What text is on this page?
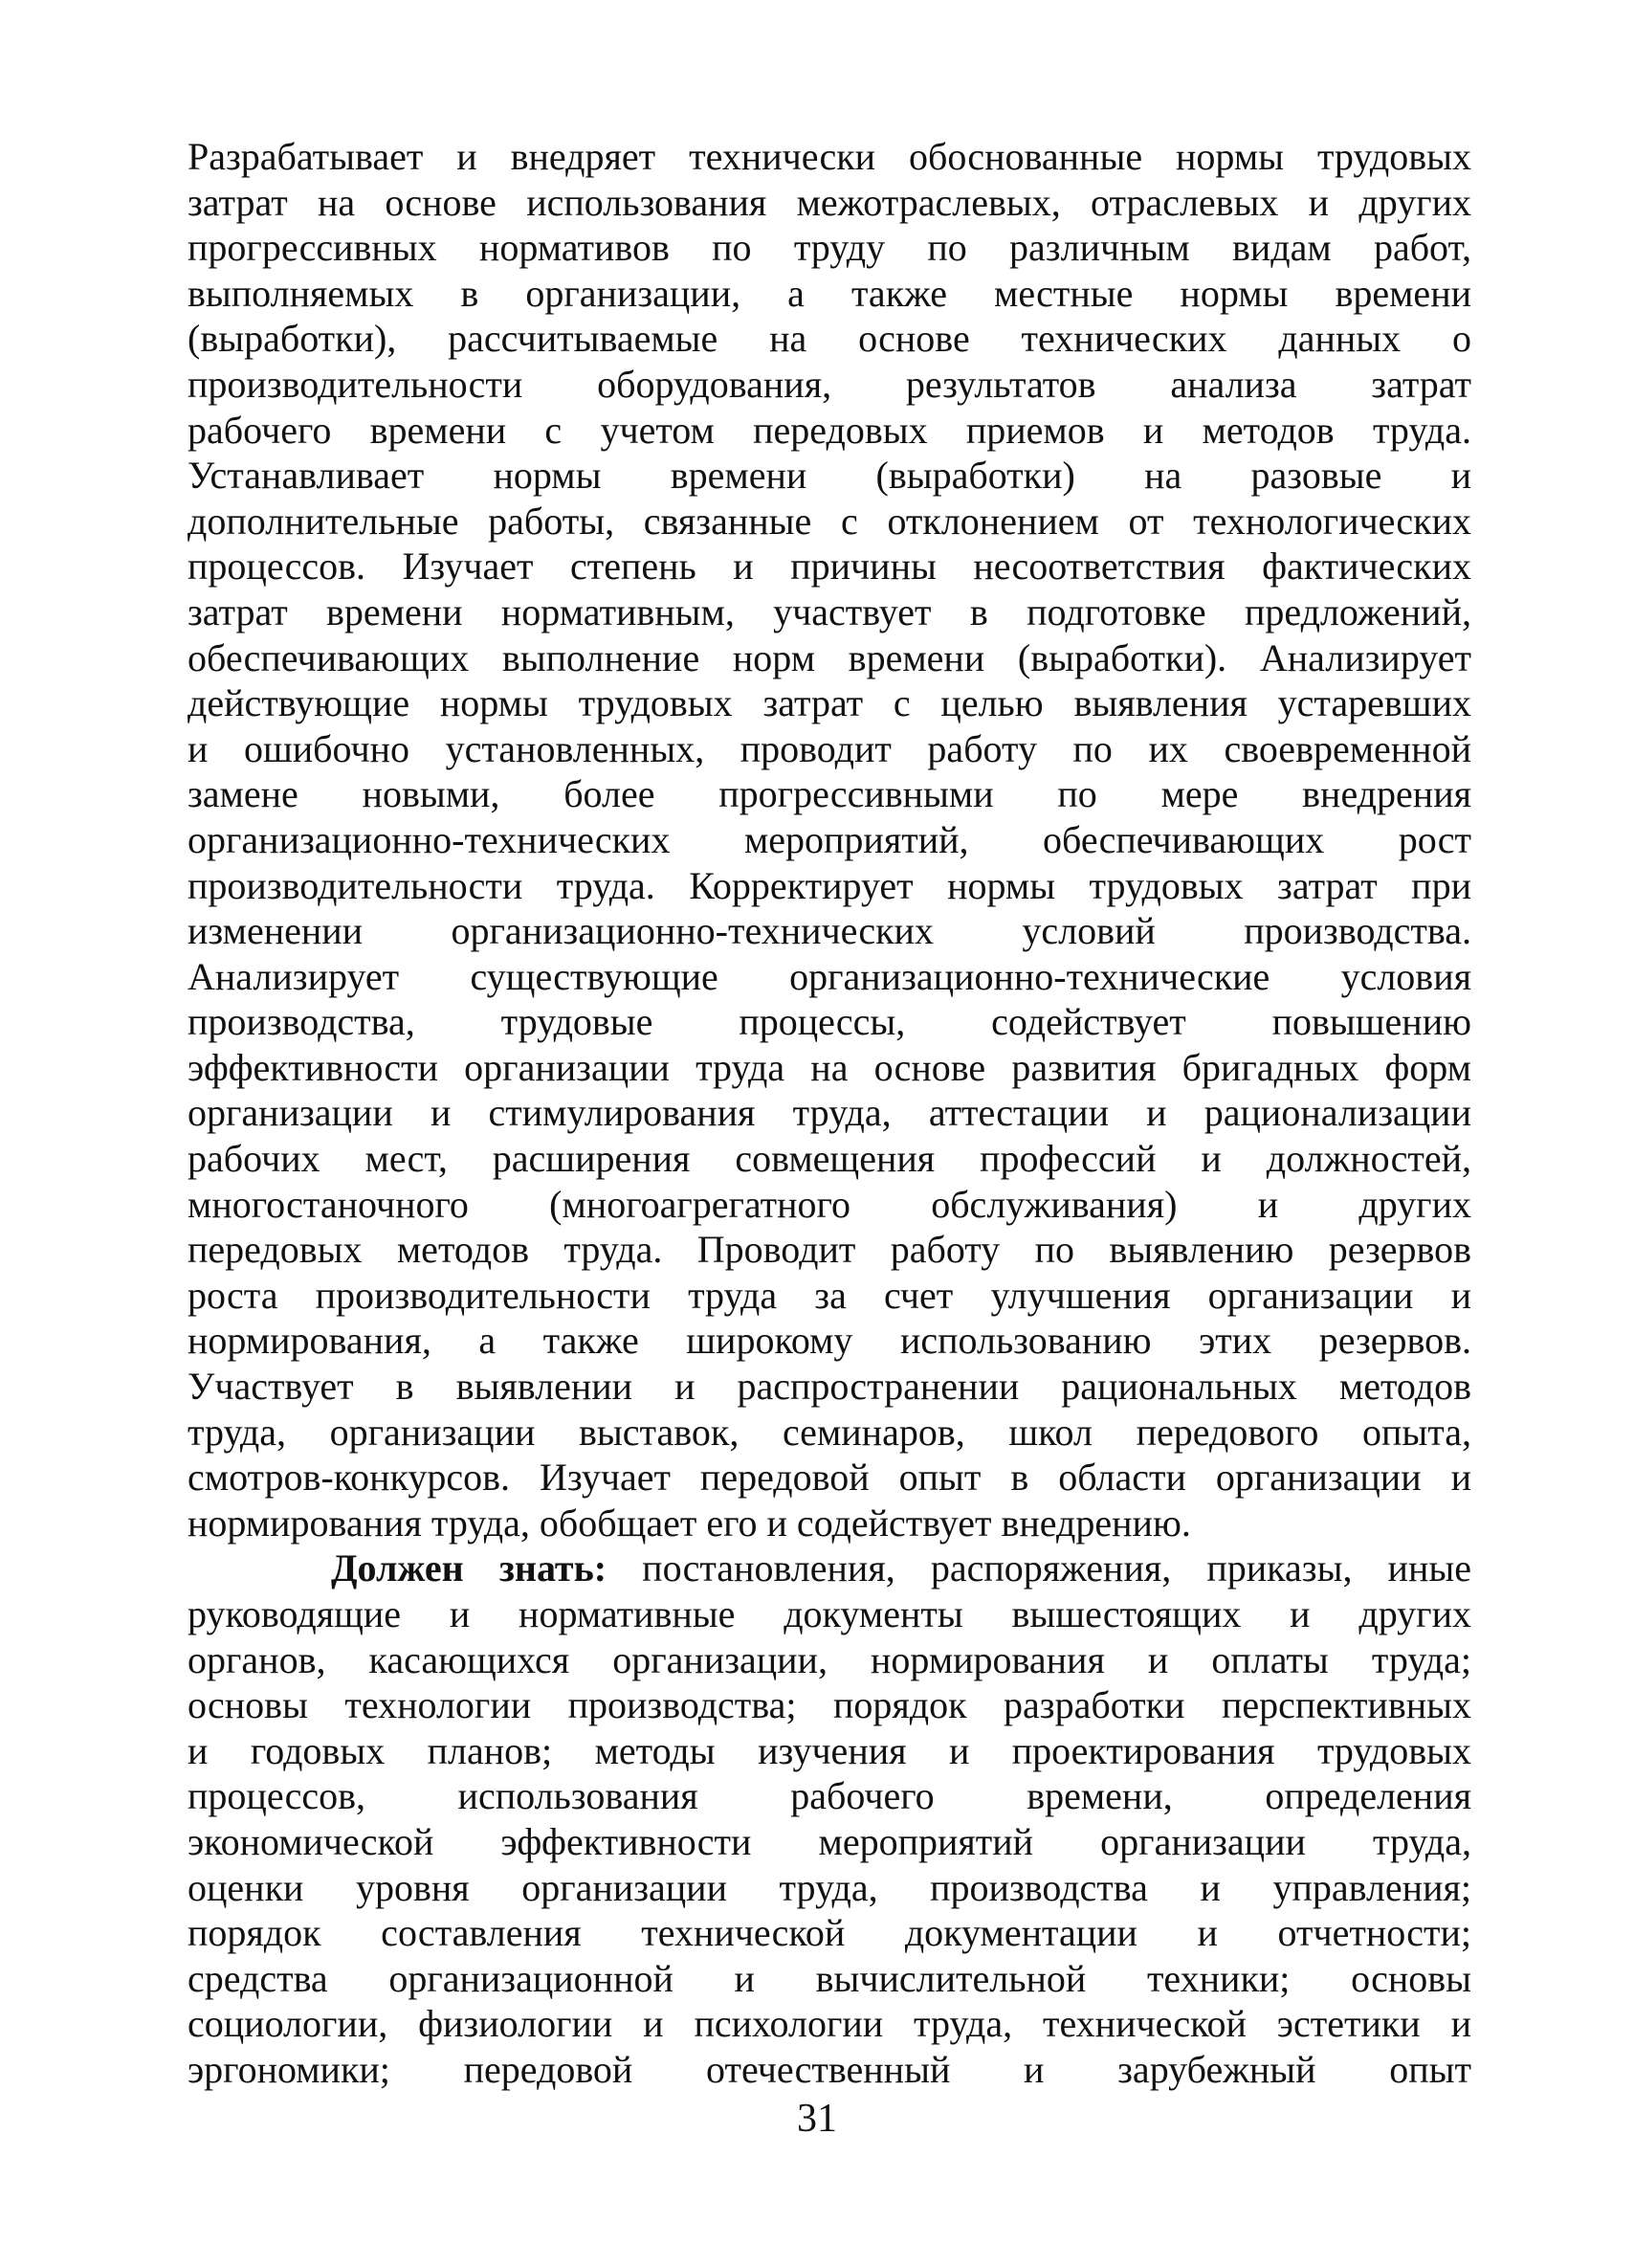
Разрабатывает и внедряет технически обоснованные нормы трудовых
затрат на основе использования межотраслевых, отраслевых и других
прогрессивных нормативов по труду по различным видам работ,
выполняемых в организации, а также местные нормы времени
(выработки), рассчитываемые на основе технических данных о
производительности оборудования, результатов анализа затрат
рабочего времени с учетом передовых приемов и методов труда.
Устанавливает нормы времени (выработки) на разовые и
дополнительные работы, связанные с отклонением от технологических
процессов. Изучает степень и причины несоответствия фактических
затрат времени нормативным, участвует в подготовке предложений,
обеспечивающих выполнение норм времени (выработки). Анализирует
действующие нормы трудовых затрат с целью выявления устаревших
и ошибочно установленных, проводит работу по их своевременной
замене новыми, более прогрессивными по мере внедрения
организационно-технических мероприятий, обеспечивающих рост
производительности труда. Корректирует нормы трудовых затрат при
изменении организационно-технических условий производства.
Анализирует существующие организационно-технические условия
производства, трудовые процессы, содействует повышению
эффективности организации труда на основе развития бригадных форм
организации и стимулирования труда, аттестации и рационализации
рабочих мест, расширения совмещения профессий и должностей,
многостаночного (многоагрегатного обслуживания) и других
передовых методов труда. Проводит работу по выявлению резервов
роста производительности труда за счет улучшения организации и
нормирования, а также широкому использованию этих резервов.
Участвует в выявлении и распространении рациональных методов
труда, организации выставок, семинаров, школ передового опыта,
смотров-конкурсов. Изучает передовой опыт в области организации и
нормирования труда, обобщает его и содействует внедрению.
Должен знать: постановления, распоряжения, приказы, иные
руководящие и нормативные документы вышестоящих и других
органов, касающихся организации, нормирования и оплаты труда;
основы технологии производства; порядок разработки перспективных
и годовых планов; методы изучения и проектирования трудовых
процессов, использования рабочего времени, определения
экономической эффективности мероприятий организации труда,
оценки уровня организации труда, производства и управления;
порядок составления технической документации и отчетности;
средства организационной и вычислительной техники; основы
социологии, физиологии и психологии труда, технической эстетики и
эргономики; передовой отечественный и зарубежный опыт
31
